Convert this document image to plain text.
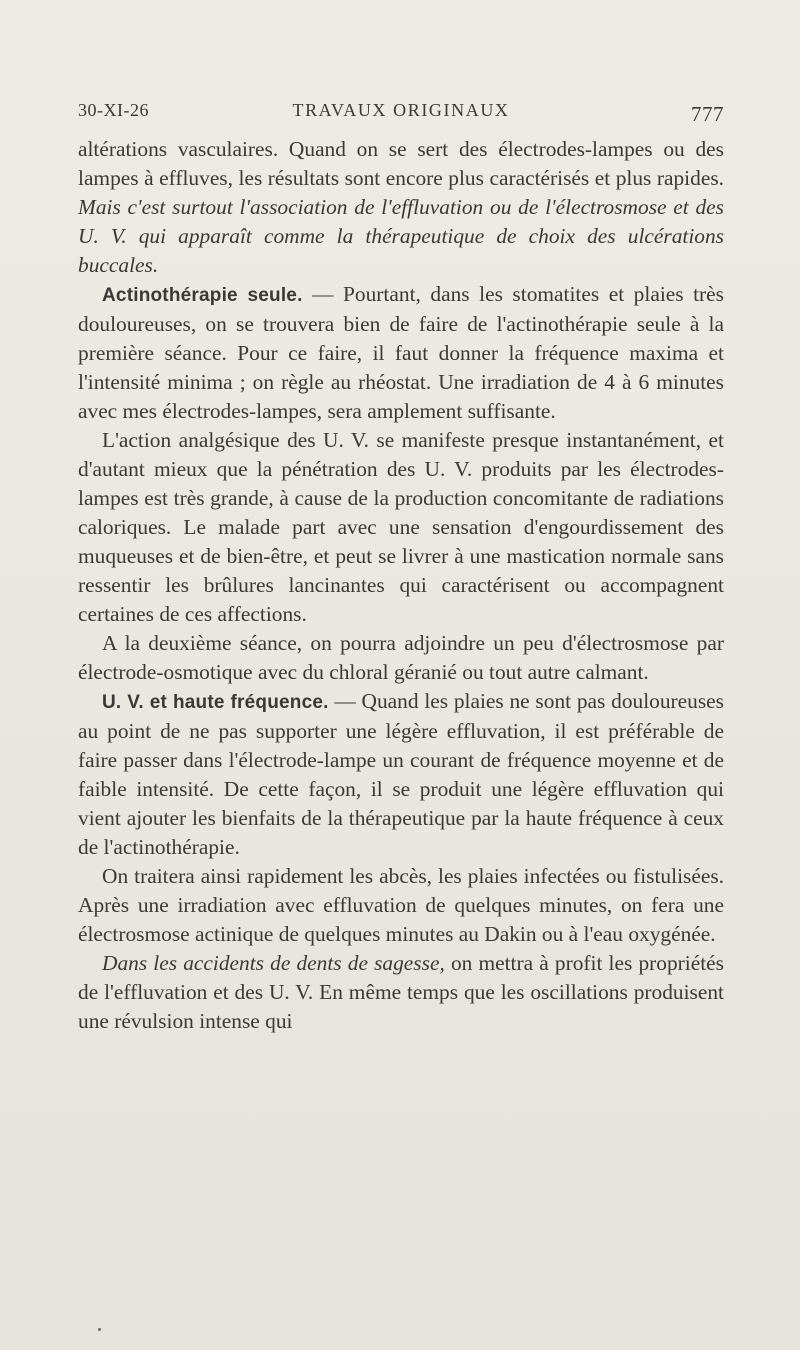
30-XI-26	TRAVAUX ORIGINAUX	777

altérations vasculaires. Quand on se sert des électrodes-lampes ou des lampes à effluves, les résultats sont encore plus caractérisés et plus rapides. Mais c'est surtout l'association de l'effluvation ou de l'électrosmose et des U. V. qui apparaît comme la thérapeutique de choix des ulcérations buccales.

Actinothérapie seule. — Pourtant, dans les stomatites et plaies très douloureuses, on se trouvera bien de faire de l'actinothérapie seule à la première séance. Pour ce faire, il faut donner la fréquence maxima et l'intensité minima ; on règle au rhéostat. Une irradiation de 4 à 6 minutes avec mes électrodes-lampes, sera amplement suffisante.

L'action analgésique des U. V. se manifeste presque instantanément, et d'autant mieux que la pénétration des U. V. produits par les électrodes-lampes est très grande, à cause de la production concomitante de radiations caloriques. Le malade part avec une sensation d'engourdissement des muqueuses et de bien-être, et peut se livrer à une mastication normale sans ressentir les brûlures lancinantes qui caractérisent ou accompagnent certaines de ces affections.

A la deuxième séance, on pourra adjoindre un peu d'électrosmose par électrode-osmotique avec du chloral géranié ou tout autre calmant.

U. V. et haute fréquence. — Quand les plaies ne sont pas douloureuses au point de ne pas supporter une légère effluvation, il est préférable de faire passer dans l'électrode-lampe un courant de fréquence moyenne et de faible intensité. De cette façon, il se produit une légère effluvation qui vient ajouter les bienfaits de la thérapeutique par la haute fréquence à ceux de l'actinothérapie.

On traitera ainsi rapidement les abcès, les plaies infectées ou fistulisées. Après une irradiation avec effluvation de quelques minutes, on fera une électrosmose actinique de quelques minutes au Dakin ou à l'eau oxygénée.

Dans les accidents de dents de sagesse, on mettra à profit les propriétés de l'effluvation et des U. V. En même temps que les oscillations produisent une révulsion intense qui
